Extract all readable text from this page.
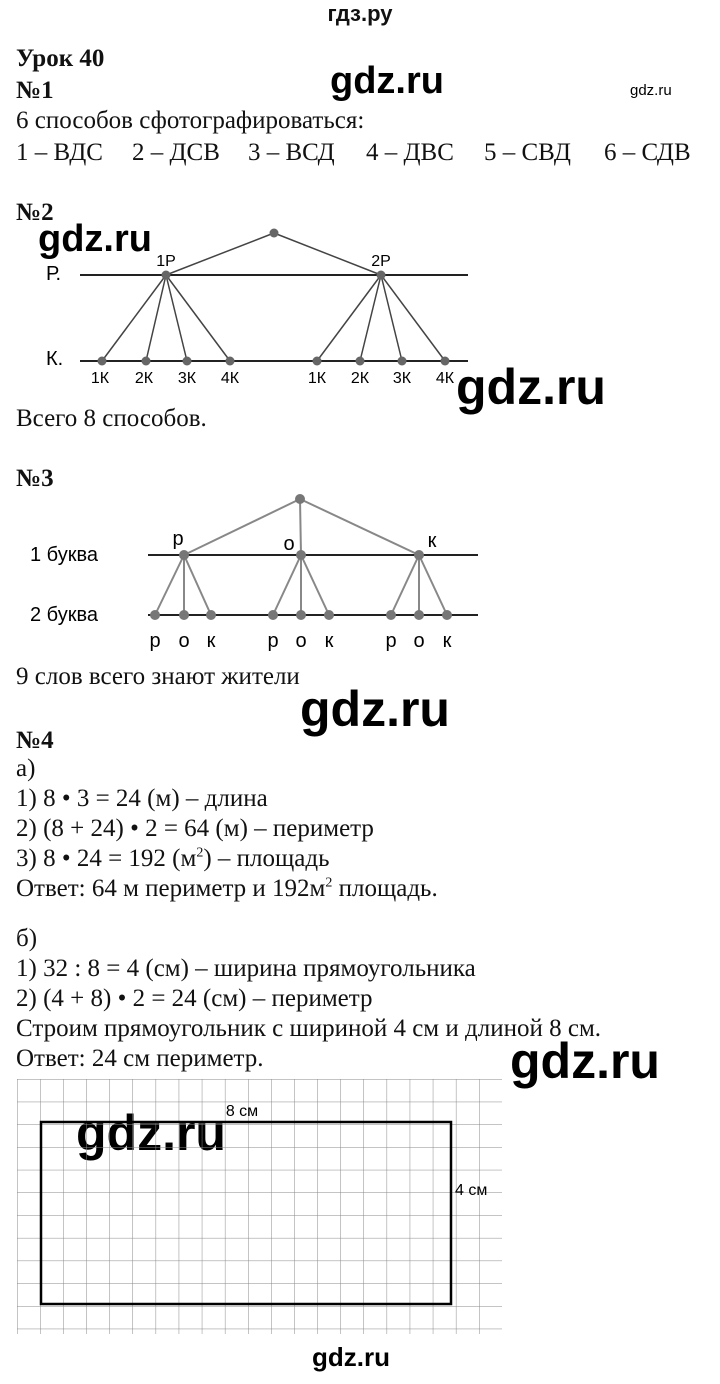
гдз.ру
gdz.ru	gdz.ru
gdz.ru
gdz.ru
gdz.ru
gdz.ru
gdz.ru
Урок 40
№1
6 способов сфотографироваться:
1 – ВДС 2 – ДСВ 3 – ВСД 4 – ДВС 5 – СВД 6 – СДВ
№2
Р.
К.
1Р	2Р
1К 2К 3К 4К	1К 2К 3К 4К
Всего 8 способов.
№3
1 буква
2 буква
р	о	к
р о к	р о к	р о к
9 слов всего знают жители
№4
а)
1) 8 • 3 = 24 (м) – длина
2) (8 + 24) • 2 = 64 (м) – периметр
3) 8 • 24 = 192 $(м^2)$ – площадь
Ответ: 64 м периметр и $192м^2$ площадь.
б)
1) 32 : 8 = 4 (см) – ширина прямоугольника
2) (4 + 8) • 2 = 24 (см) – периметр
Строим прямоугольник с шириной 4 см и длиной 8 см.
Ответ: 24 см периметр.
8 см
4 см
